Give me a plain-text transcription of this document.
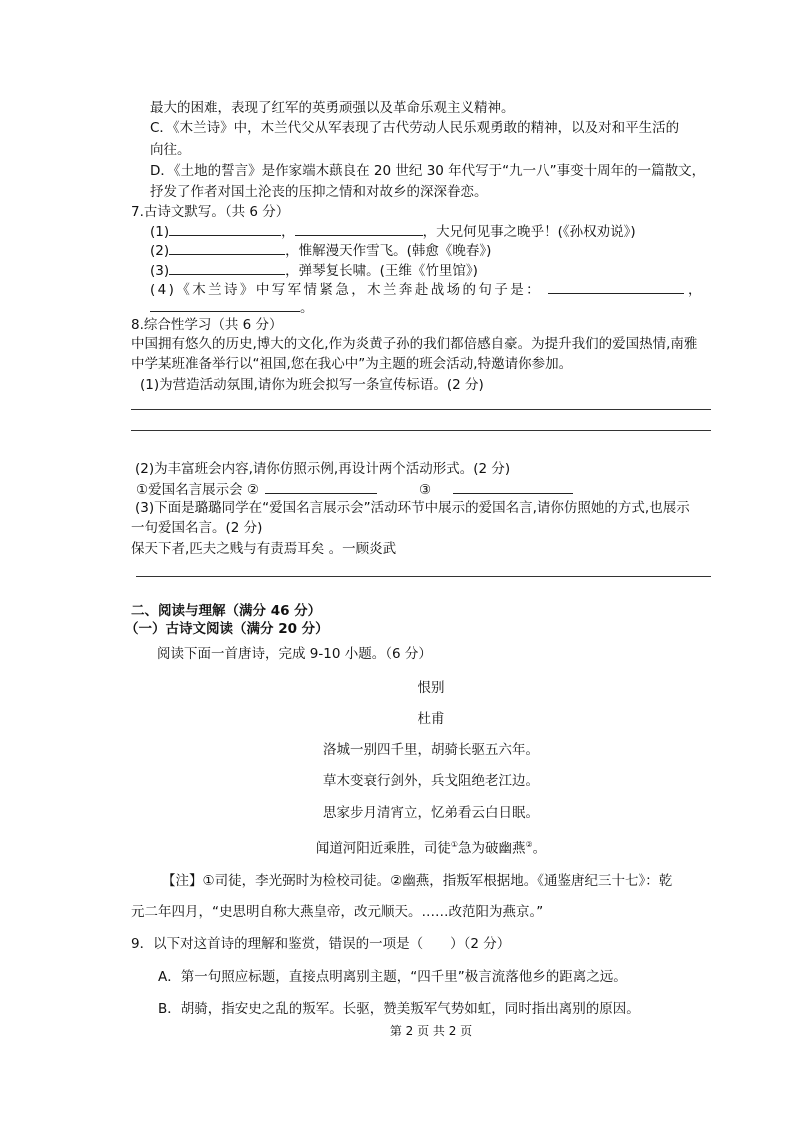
最大的困难，表现了红军的英勇顽强以及革命乐观主义精神。
C．《木兰诗》中，木兰代父从军表现了古代劳动人民乐观勇敢的精神，以及对和平生活的
向往。
D．《土地的誓言》是作家端木蕻良在 20 世纪 30 年代写于“九一八”事变十周年的一篇散文，
抒发了作者对国土沦丧的压抑之情和对故乡的深深眷恋。
7.古诗文默写。（共 6 分）
(1)	，	，大兄何见事之晚乎！(《孙权劝说》)
(2)	，惟解漫天作雪飞。(韩愈《晚春》)
(3)	，弹琴复长啸。(王维《竹里馆》)
(4)《木兰诗》中写军情紧急，木兰奔赴战场的句子是：	，
。
8.综合性学习（共 6 分）
中国拥有悠久的历史,博大的文化,作为炎黄子孙的我们都倍感自豪。为提升我们的爱国热情,南雅
中学某班准备举行以“祖国,您在我心中”为主题的班会活动,特邀请你参加。
(1)为营造活动氛围,请你为班会拟写一条宣传标语。(2 分)
(2)为丰富班会内容,请你仿照示例,再设计两个活动形式。(2 分)
①爱国名言展示会 ②	③
(3)下面是璐璐同学在“爱国名言展示会”活动环节中展示的爱国名言,请你仿照她的方式,也展示
一句爱国名言。(2 分)
保天下者,匹夫之贱与有责焉耳矣 。一顾炎武
二、阅读与理解（满分 46 分）
（一）古诗文阅读（满分 20 分）
阅读下面一首唐诗，完成 9-10 小题。（6 分）
恨别
杜甫
洛城一别四千里，胡骑长驱五六年。
草木变衰行剑外，兵戈阻绝老江边。
思家步月清宵立，忆弟看云白日眠。
闻道河阳近乘胜，司徒①急为破幽燕②。
【注】①司徒，李光弼时为检校司徒。②幽燕，指叛军根据地。《通鉴唐纪三十七》：乾
元二年四月，“史思明自称大燕皇帝，改元顺天。……改范阳为燕京。”
9．以下对这首诗的理解和鉴赏，错误的一项是（　　）（2 分）
A．第一句照应标题，直接点明离别主题，“四千里”极言流落他乡的距离之远。
B．胡骑，指安史之乱的叛军。长驱，赞美叛军气势如虹，同时指出离别的原因。
第 2 页 共 2 页
